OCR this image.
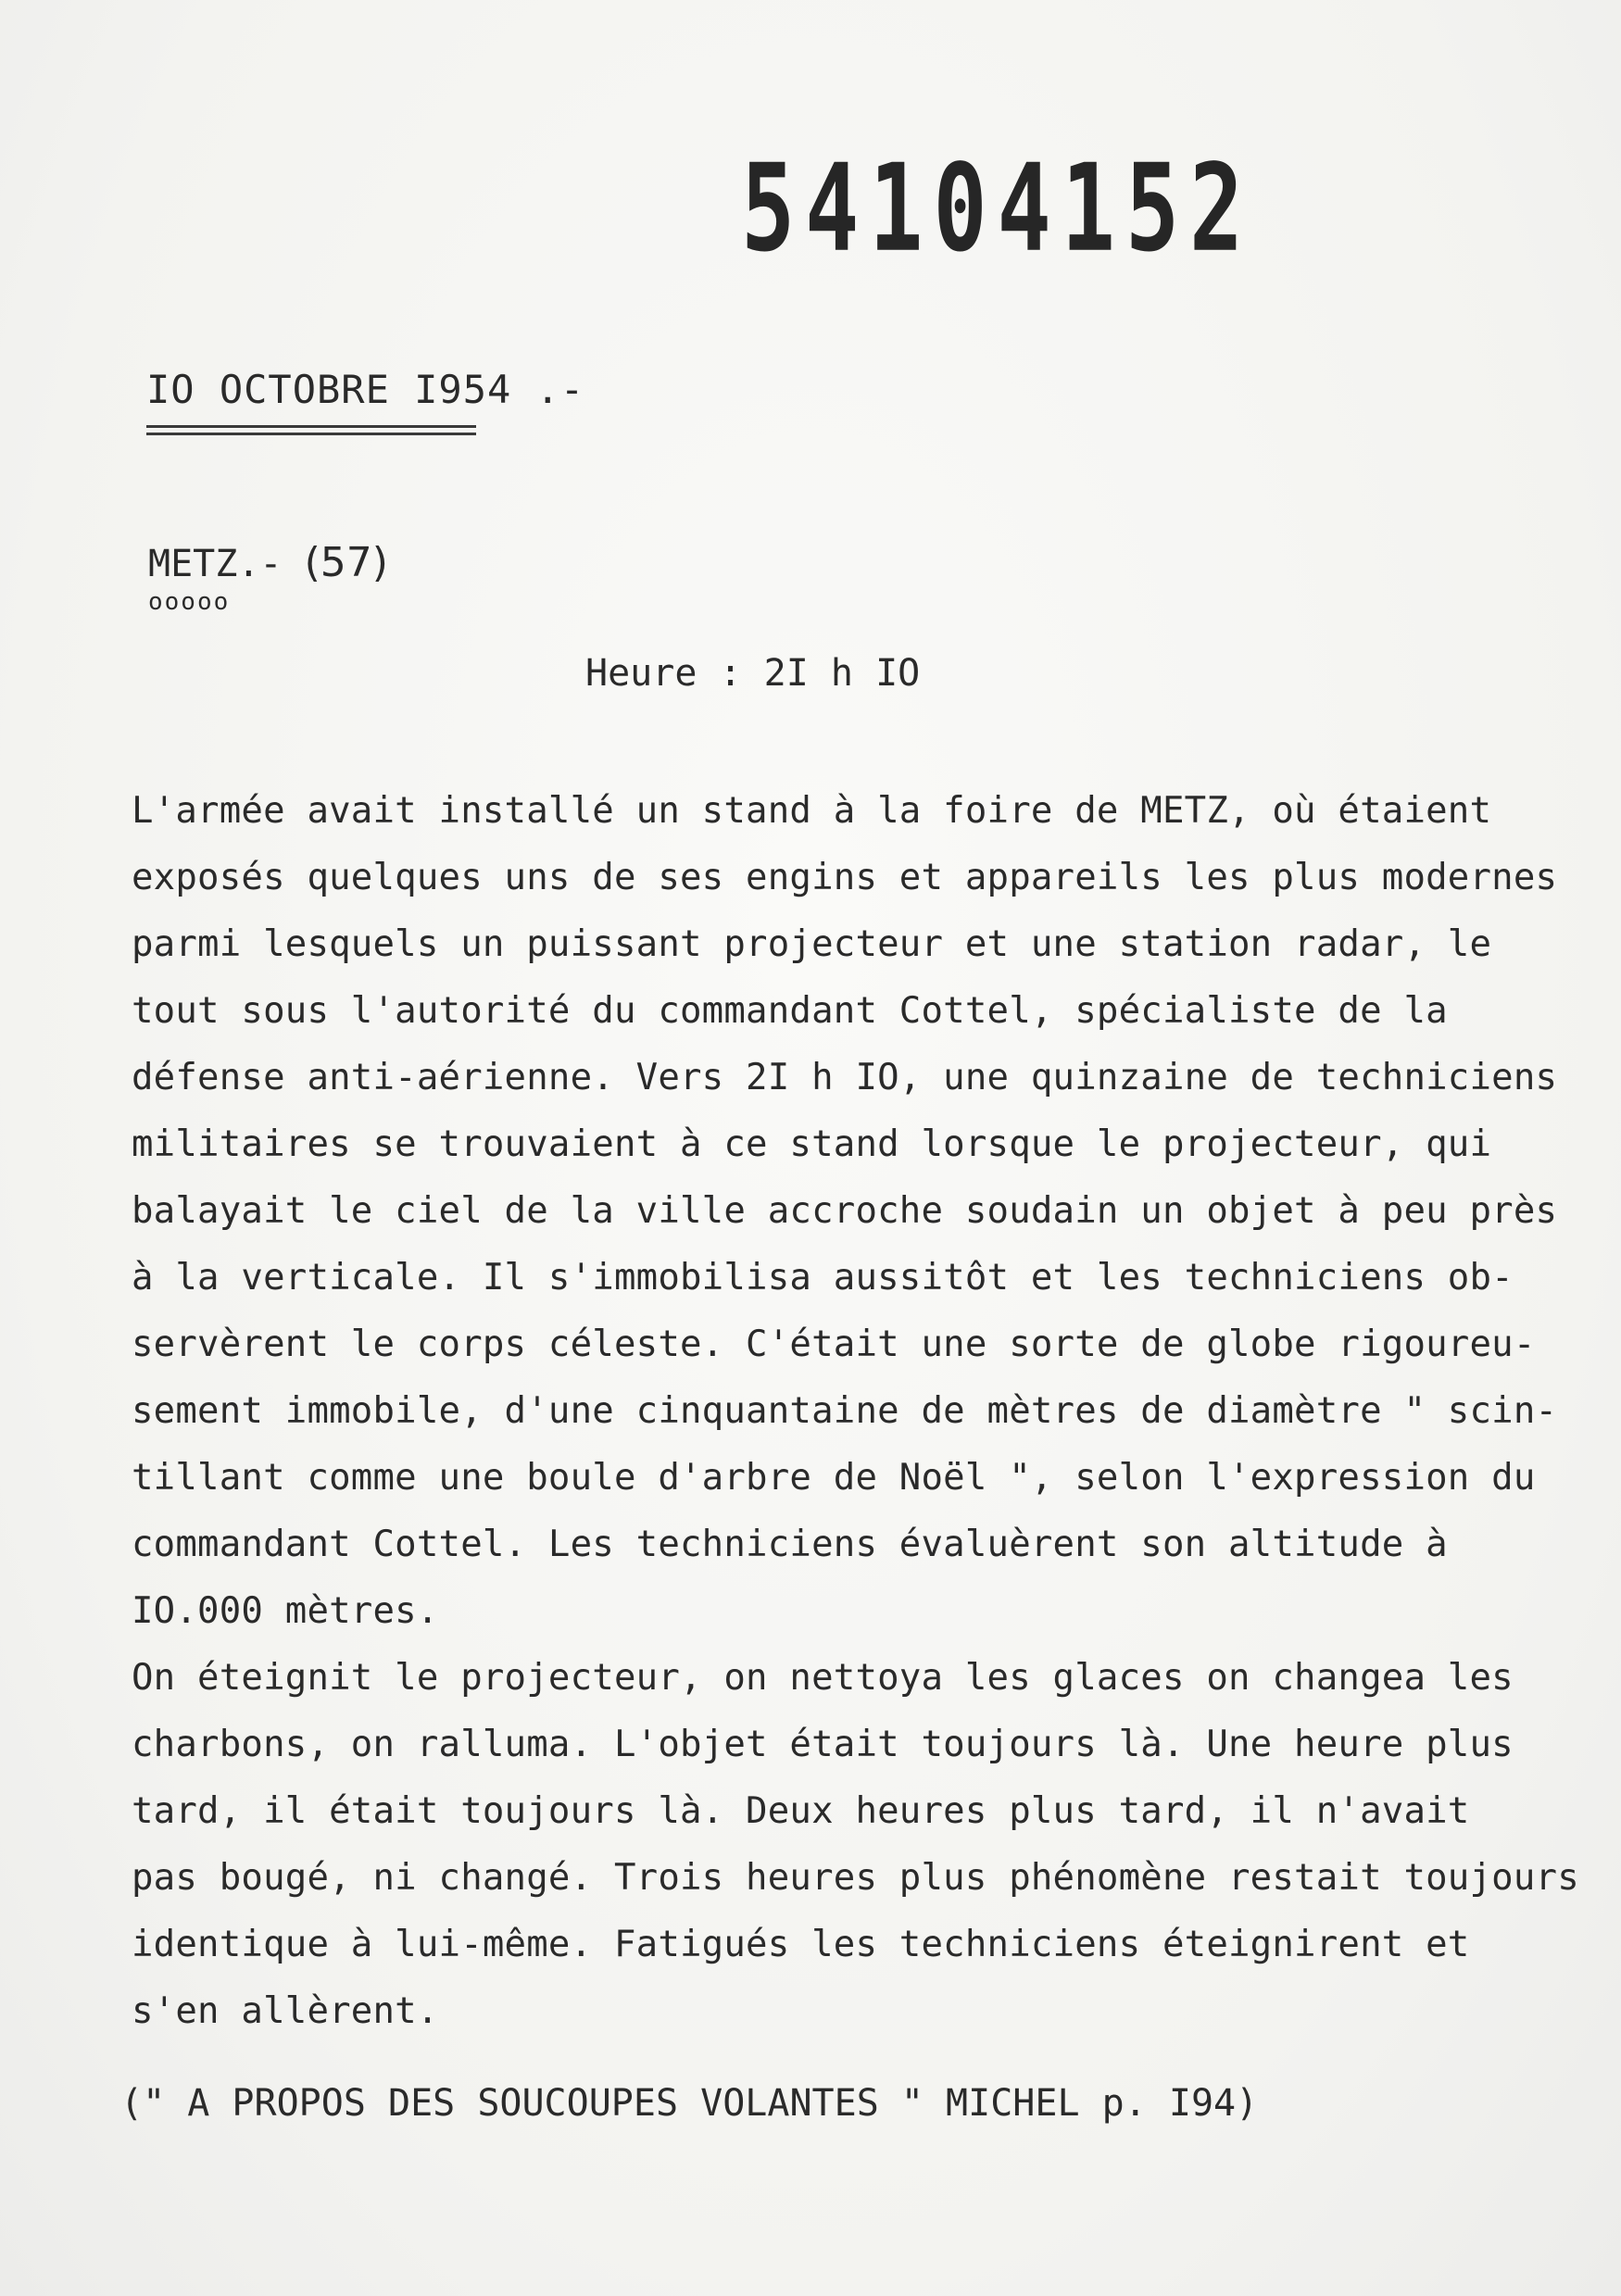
54104152
IO OCTOBRE I954 .-
METZ.- (57)
ooooo
Heure : 2I h IO
L'armée avait installé un stand à la foire de METZ, où étaient
exposés quelques uns de ses engins et appareils les plus modernes
parmi lesquels un puissant projecteur et une station radar, le
tout sous l'autorité du commandant Cottel, spécialiste de la
défense anti-aérienne. Vers 2I h IO, une quinzaine de techniciens
militaires se trouvaient à ce stand lorsque le projecteur, qui
balayait le ciel de la ville accroche soudain un objet à peu près
à la verticale. Il s'immobilisa aussitôt et les techniciens ob-
servèrent le corps céleste. C'était une sorte de globe rigoureu-
sement immobile, d'une cinquantaine de mètres de diamètre " scin-
tillant comme une boule d'arbre de Noël ", selon l'expression du
commandant Cottel. Les techniciens évaluèrent son altitude à
IO.000 mètres.
On éteignit le projecteur, on nettoya les glaces on changea les
charbons, on ralluma. L'objet était toujours là. Une heure plus
tard, il était toujours là. Deux heures plus tard, il n'avait
pas bougé, ni changé. Trois heures plus phénomène restait toujours
identique à lui-même. Fatigués les techniciens éteignirent et
s'en allèrent.
(" A PROPOS DES SOUCOUPES VOLANTES " MICHEL p. I94)
